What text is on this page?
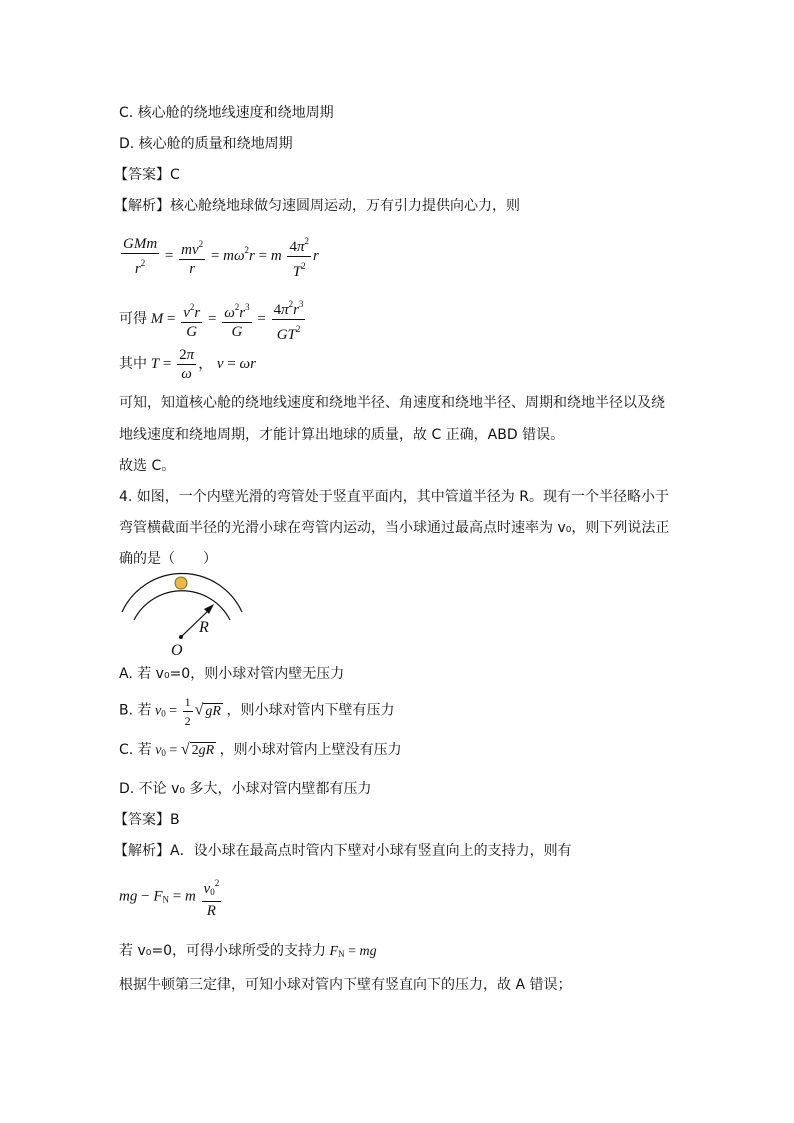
C. 核心舱的绕地线速度和绕地周期
D. 核心舱的质量和绕地周期
【答案】C
【解析】核心舱绕地球做匀速圆周运动，万有引力提供向心力，则
$\frac{\text{GMm}}{r^2} = \frac{mv^2}{r} = m\omega^2r = m \frac{4\pi^2}{T^2}$ r
可得 $M = \frac{v^2r}{G} = \frac{\omega^2r^3}{G} = \frac{4\pi^2r^3}{GT^2}$
其中 $T = \frac{2\pi}{\omega}$ ， v = ωr
可知，知道核心舱的绕地线速度和绕地半径、角速度和绕地半径、周期和绕地半径以及绕
地线速度和绕地周期，才能计算出地球的质量，故 C 正确，ABD 错误。
故选 C。
4. 如图，一个内壁光滑的弯管处于竖直平面内，其中管道半径为 R。现有一个半径略小于
弯管横截面半径的光滑小球在弯管内运动，当小球通过最高点时速率为 v₀，则下列说法正
确的是（　　）
R
O
A. 若 v₀=0，则小球对管内壁无压力
B. 若 $v_0 = \frac{1}{2}$ √ gR ，则小球对管内下壁有压力
C. 若 $v_0$ = √ 2gR ，则小球对管内上壁没有压力
D. 不论 v₀ 多大，小球对管内壁都有压力
【答案】B
【解析】A．设小球在最高点时管内下壁对小球有竖直向上的支持力，则有
mg − $F_N = m \frac{v_0^2}{R}$
若 v₀=0，可得小球所受的支持力 $F_N$ = mg
根据牛顿第三定律，可知小球对管内下壁有竖直向下的压力，故 A 错误；
